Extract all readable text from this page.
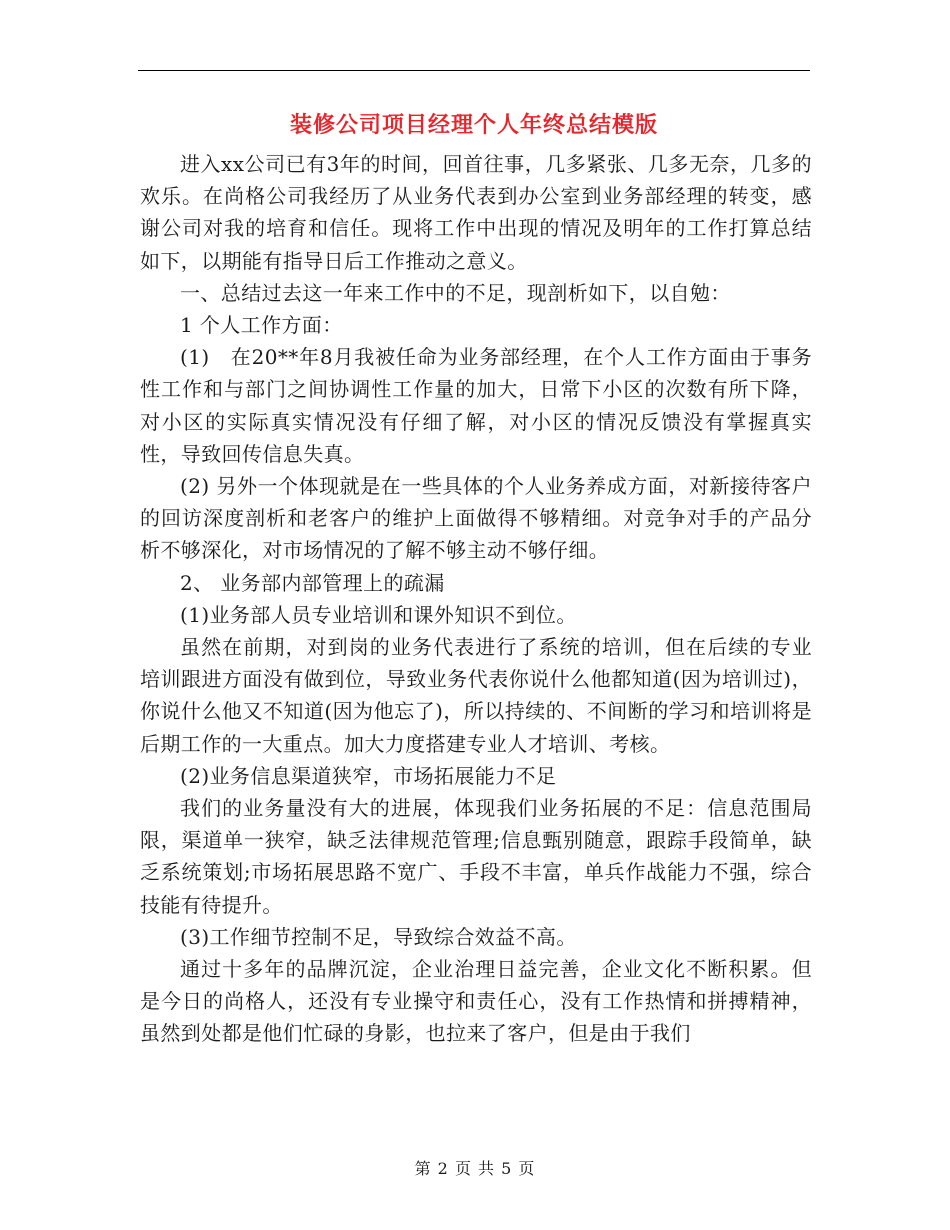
装修公司项目经理个人年终总结模版

进入xx公司已有3年的时间，回首往事，几多紧张、几多无奈，几多的欢乐。在尚格公司我经历了从业务代表到办公室到业务部经理的转变，感谢公司对我的培育和信任。现将工作中出现的情况及明年的工作打算总结如下，以期能有指导日后工作推动之意义。

一、总结过去这一年来工作中的不足，现剖析如下，以自勉：

1 个人工作方面：

(1)　在20**年8月我被任命为业务部经理，在个人工作方面由于事务性工作和与部门之间协调性工作量的加大，日常下小区的次数有所下降，对小区的实际真实情况没有仔细了解，对小区的情况反馈没有掌握真实性，导致回传信息失真。

(2) 另外一个体现就是在一些具体的个人业务养成方面，对新接待客户的回访深度剖析和老客户的维护上面做得不够精细。对竞争对手的产品分析不够深化，对市场情况的了解不够主动不够仔细。

2、 业务部内部管理上的疏漏

(1)业务部人员专业培训和课外知识不到位。

虽然在前期，对到岗的业务代表进行了系统的培训，但在后续的专业培训跟进方面没有做到位，导致业务代表你说什么他都知道(因为培训过)，你说什么他又不知道(因为他忘了)，所以持续的、不间断的学习和培训将是后期工作的一大重点。加大力度搭建专业人才培训、考核。

(2)业务信息渠道狭窄，市场拓展能力不足

我们的业务量没有大的进展，体现我们业务拓展的不足：信息范围局限，渠道单一狭窄，缺乏法律规范管理;信息甄别随意，跟踪手段简单，缺乏系统策划;市场拓展思路不宽广、手段不丰富，单兵作战能力不强，综合技能有待提升。

(3)工作细节控制不足，导致综合效益不高。

通过十多年的品牌沉淀，企业治理日益完善，企业文化不断积累。但是今日的尚格人，还没有专业操守和责任心，没有工作热情和拼搏精神，虽然到处都是他们忙碌的身影，也拉来了客户，但是由于我们

第 2 页 共 5 页
